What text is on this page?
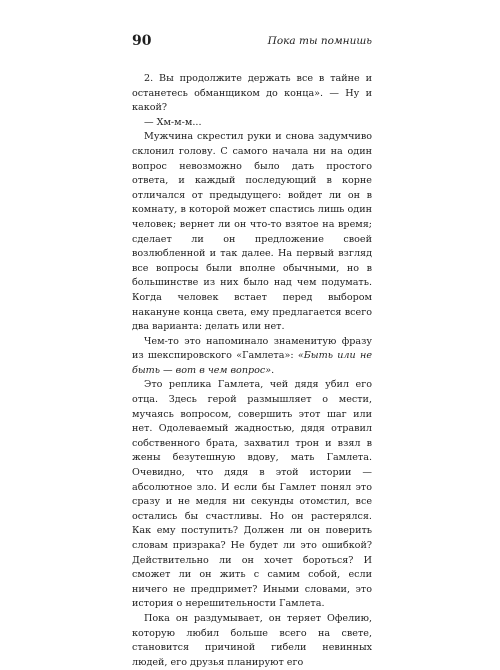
90	Пока ты помнишь

2. Вы продолжите держать все в тайне и останетесь обманщиком до конца». — Ну и какой?

— Хм-м-м...

Мужчина скрестил руки и снова задумчиво склонил голову. С самого начала ни на один вопрос невозможно было дать простого ответа, и каждый последующий в корне отличался от предыдущего: войдет ли он в комнату, в которой может спастись лишь один человек; вернет ли он что-то взятое на время; сделает ли он предложение своей возлюбленной и так далее. На первый взгляд все вопросы были вполне обычными, но в большинстве из них было над чем подумать. Когда человек встает перед выбором накануне конца света, ему предлагается всего два варианта: делать или нет.

Чем-то это напоминало знаменитую фразу из шекспировского «Гамлета»: «Быть или не быть — вот в чем вопрос».

Это реплика Гамлета, чей дядя убил его отца. Здесь герой размышляет о мести, мучаясь вопросом, совершить этот шаг или нет. Одолеваемый жадностью, дядя отравил собственного брата, захватил трон и взял в жены безутешную вдову, мать Гамлета. Очевидно, что дядя в этой истории — абсолютное зло. И если бы Гамлет понял это сразу и не медля ни секунды отомстил, все остались бы счастливы. Но он растерялся. Как ему поступить? Должен ли он поверить словам призрака? Не будет ли это ошибкой? Действительно ли он хочет бороться? И сможет ли он жить с самим собой, если ничего не предпримет? Иными словами, это история о нерешительности Гамлета.

Пока он раздумывает, он теряет Офелию, которую любил больше всего на свете, становится причиной гибели невинных людей, его друзья планируют его
